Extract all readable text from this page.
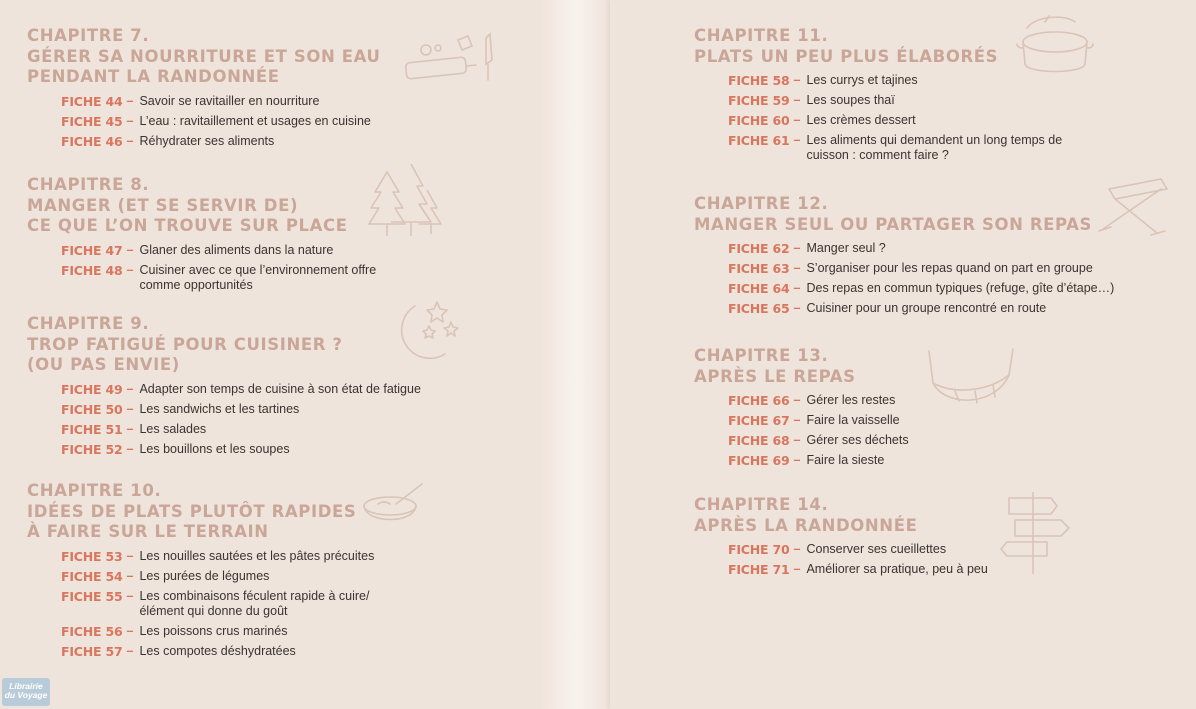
CHAPITRE 7.
GÉRER SA NOURRITURE ET SON EAU
PENDANT LA RANDONNÉE
FICHE 44 – Savoir se ravitailler en nourriture
FICHE 45 – L’eau : ravitaillement et usages en cuisine
FICHE 46 – Réhydrater ses aliments
CHAPITRE 8.
MANGER (ET SE SERVIR DE)
CE QUE L’ON TROUVE SUR PLACE
FICHE 47 – Glaner des aliments dans la nature
FICHE 48 – Cuisiner avec ce que l’environnement offre comme opportunités
CHAPITRE 9.
TROP FATIGUÉ POUR CUISINER ?
(OU PAS ENVIE)
FICHE 49 – Adapter son temps de cuisine à son état de fatigue
FICHE 50 – Les sandwichs et les tartines
FICHE 51 – Les salades
FICHE 52 – Les bouillons et les soupes
CHAPITRE 10.
IDÉES DE PLATS PLUTÔT RAPIDES
À FAIRE SUR LE TERRAIN
FICHE 53 – Les nouilles sautées et les pâtes précuites
FICHE 54 – Les purées de légumes
FICHE 55 – Les combinaisons féculent rapide à cuire/ élément qui donne du goût
FICHE 56 – Les poissons crus marinés
FICHE 57 – Les compotes déshydratées
CHAPITRE 11.
PLATS UN PEU PLUS ÉLABORÉS
FICHE 58 – Les currys et tajines
FICHE 59 – Les soupes thaï
FICHE 60 – Les crèmes dessert
FICHE 61 – Les aliments qui demandent un long temps de cuisson : comment faire ?
CHAPITRE 12.
MANGER SEUL OU PARTAGER SON REPAS
FICHE 62 – Manger seul ?
FICHE 63 – S’organiser pour les repas quand on part en groupe
FICHE 64 – Des repas en commun typiques (refuge, gîte d’étape…)
FICHE 65 – Cuisiner pour un groupe rencontré en route
CHAPITRE 13.
APRÈS LE REPAS
FICHE 66 – Gérer les restes
FICHE 67 – Faire la vaisselle
FICHE 68 – Gérer ses déchets
FICHE 69 – Faire la sieste
CHAPITRE 14.
APRÈS LA RANDONNÉE
FICHE 70 – Conserver ses cueillettes
FICHE 71 – Améliorer sa pratique, peu à peu
Librairie
du Voyage
